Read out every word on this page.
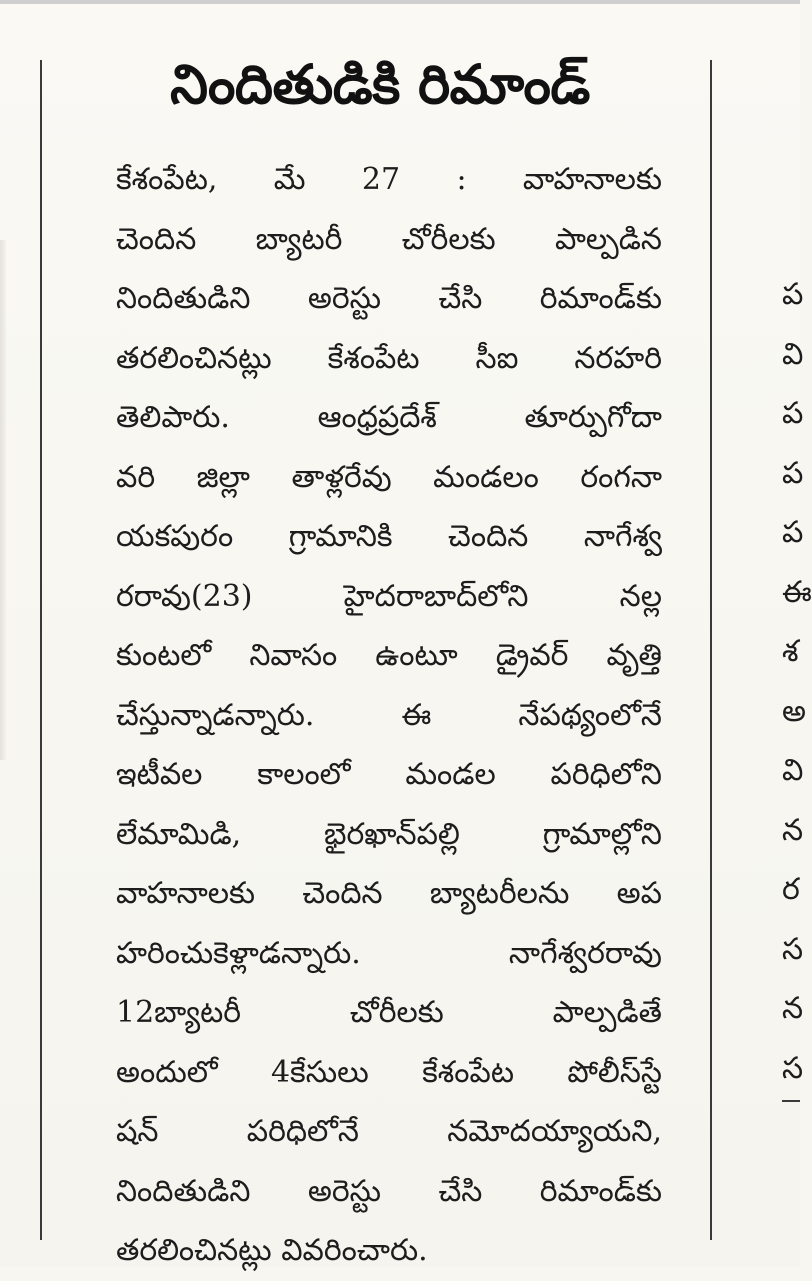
నిందితుడికి రిమాండ్
కేశంపేట, మే 27 : వాహనాలకు
చెందిన బ్యాటరీ చోరీలకు పాల్పడిన
నిందితుడిని అరెస్టు చేసి రిమాండ్‌కు
తరలించినట్లు కేశంపేట సీఐ నరహరి
తెలిపారు. ఆంధ్రప్రదేశ్ తూర్పుగోదా
వరి జిల్లా తాళ్లరేవు మండలం రంగనా
యకపురం గ్రామానికి చెందిన నాగేశ్వ
రరావు(23) హైదరాబాద్‌లోని నల్ల
కుంటలో నివాసం ఉంటూ డ్రైవర్ వృత్తి
చేస్తున్నాడన్నారు. ఈ నేపథ్యంలోనే
ఇటీవల కాలంలో మండల పరిధిలోని
లేమామిడి, భైరఖాన్‌పల్లి గ్రామాల్లోని
వాహనాలకు చెందిన బ్యాటరీలను అప
హరించుకెళ్లాడన్నారు. నాగేశ్వరరావు
12బ్యాటరీ చోరీలకు పాల్పడితే
అందులో 4కేసులు కేశంపేట పోలీస్‌స్టే
షన్ పరిధిలోనే నమోదయ్యాయని,
నిందితుడిని అరెస్టు చేసి రిమాండ్‌కు
తరలించినట్లు వివరించారు.
ప
వి
ప
ప
ప
ఈ
శ
అ
వి
న
ర
స
న
స
